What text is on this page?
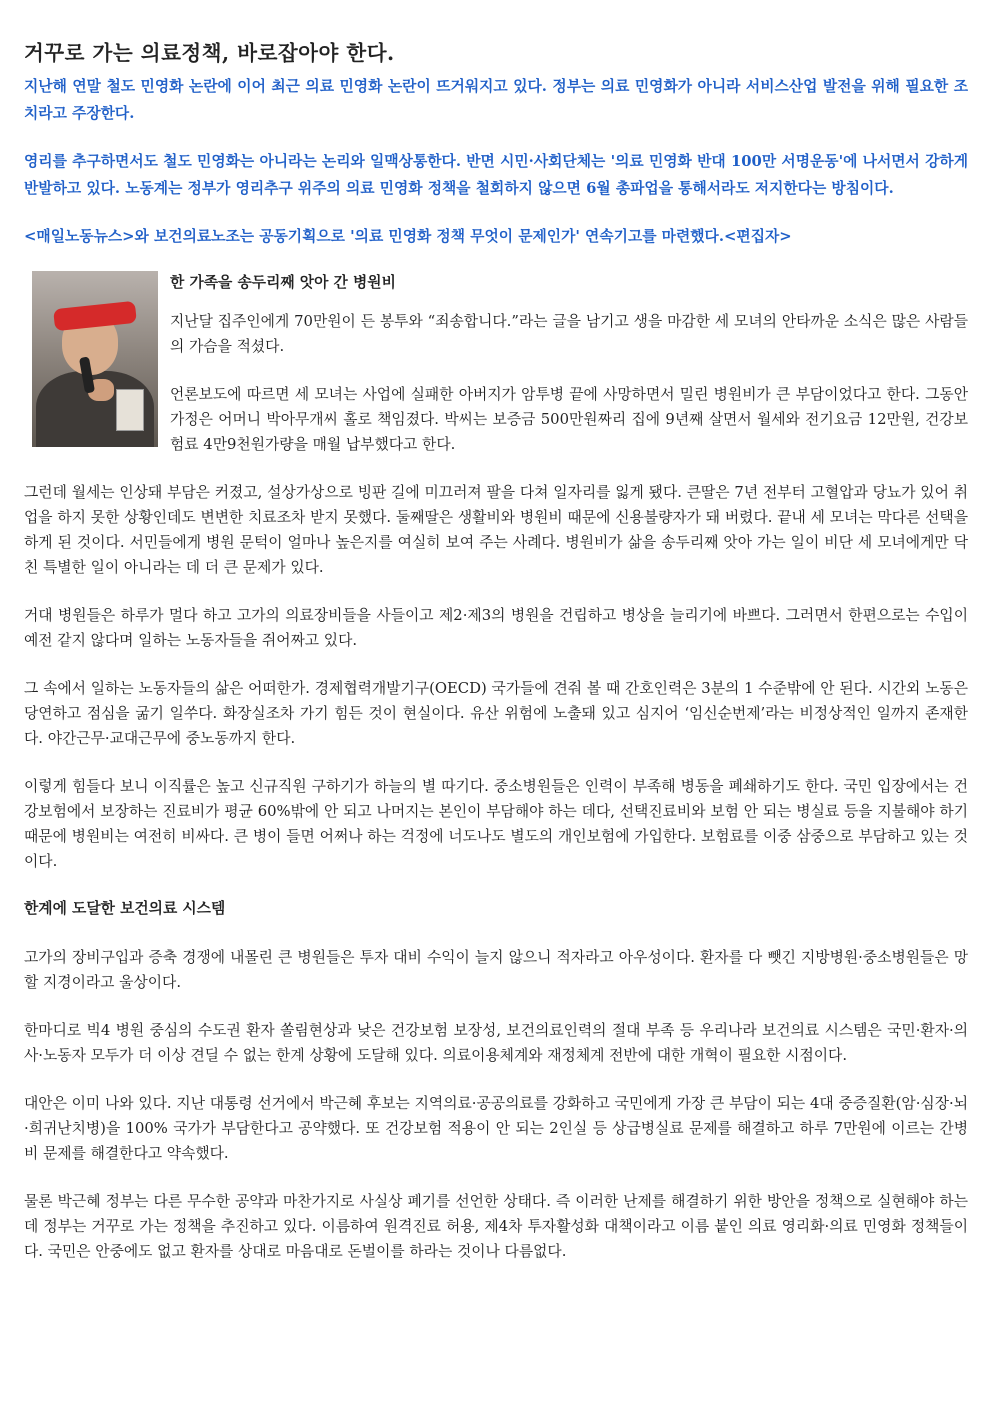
거꾸로 가는 의료정책, 바로잡아야 한다.

지난해 연말 철도 민영화 논란에 이어 최근 의료 민영화 논란이 뜨거워지고 있다. 정부는 의료 민영화가 아니라 서비스산업 발전을 위해 필요한 조치라고 주장한다.

영리를 추구하면서도 철도 민영화는 아니라는 논리와 일맥상통한다. 반면 시민·사회단체는 '의료 민영화 반대 100만 서명운동'에 나서면서 강하게 반발하고 있다. 노동계는 정부가 영리추구 위주의 의료 민영화 정책을 철회하지 않으면 6월 총파업을 통해서라도 저지한다는 방침이다.

<매일노동뉴스>와 보건의료노조는 공동기획으로 '의료 민영화 정책 무엇이 문제인가' 연속기고를 마련했다.<편집자>

한 가족을 송두리째 앗아 간 병원비

지난달 집주인에게 70만원이 든 봉투와 “죄송합니다.”라는 글을 남기고 생을 마감한 세 모녀의 안타까운 소식은 많은 사람들의 가슴을 적셨다.

언론보도에 따르면 세 모녀는 사업에 실패한 아버지가 암투병 끝에 사망하면서 밀린 병원비가 큰 부담이었다고 한다. 그동안 가정은 어머니 박아무개씨 홀로 책임졌다. 박씨는 보증금 500만원짜리 집에 9년째 살면서 월세와 전기요금 12만원, 건강보험료 4만9천원가량을 매월 납부했다고 한다.

그런데 월세는 인상돼 부담은 커졌고, 설상가상으로 빙판 길에 미끄러져 팔을 다쳐 일자리를 잃게 됐다. 큰딸은 7년 전부터 고혈압과 당뇨가 있어 취업을 하지 못한 상황인데도 변변한 치료조차 받지 못했다. 둘째딸은 생활비와 병원비 때문에 신용불량자가 돼 버렸다. 끝내 세 모녀는 막다른 선택을 하게 된 것이다. 서민들에게 병원 문턱이 얼마나 높은지를 여실히 보여 주는 사례다. 병원비가 삶을 송두리째 앗아 가는 일이 비단 세 모녀에게만 닥친 특별한 일이 아니라는 데 더 큰 문제가 있다.

거대 병원들은 하루가 멀다 하고 고가의 의료장비들을 사들이고 제2·제3의 병원을 건립하고 병상을 늘리기에 바쁘다. 그러면서 한편으로는 수입이 예전 같지 않다며 일하는 노동자들을 쥐어짜고 있다.

그 속에서 일하는 노동자들의 삶은 어떠한가. 경제협력개발기구(OECD) 국가들에 견줘 볼 때 간호인력은 3분의 1 수준밖에 안 된다. 시간외 노동은 당연하고 점심을 굶기 일쑤다. 화장실조차 가기 힘든 것이 현실이다. 유산 위험에 노출돼 있고 심지어 ‘임신순번제’라는 비정상적인 일까지 존재한다. 야간근무·교대근무에 중노동까지 한다.

이렇게 힘들다 보니 이직률은 높고 신규직원 구하기가 하늘의 별 따기다. 중소병원들은 인력이 부족해 병동을 폐쇄하기도 한다. 국민 입장에서는 건강보험에서 보장하는 진료비가 평균 60%밖에 안 되고 나머지는 본인이 부담해야 하는 데다, 선택진료비와 보험 안 되는 병실료 등을 지불해야 하기 때문에 병원비는 여전히 비싸다. 큰 병이 들면 어쩌나 하는 걱정에 너도나도 별도의 개인보험에 가입한다. 보험료를 이중 삼중으로 부담하고 있는 것이다.

한계에 도달한 보건의료 시스템

고가의 장비구입과 증축 경쟁에 내몰린 큰 병원들은 투자 대비 수익이 늘지 않으니 적자라고 아우성이다. 환자를 다 뺏긴 지방병원·중소병원들은 망할 지경이라고 울상이다.

한마디로 빅4 병원 중심의 수도권 환자 쏠림현상과 낮은 건강보험 보장성, 보건의료인력의 절대 부족 등 우리나라 보건의료 시스템은 국민·환자·의사·노동자 모두가 더 이상 견딜 수 없는 한계 상황에 도달해 있다. 의료이용체계와 재정체계 전반에 대한 개혁이 필요한 시점이다.

대안은 이미 나와 있다. 지난 대통령 선거에서 박근혜 후보는 지역의료·공공의료를 강화하고 국민에게 가장 큰 부담이 되는 4대 중증질환(암·심장·뇌·희귀난치병)을 100% 국가가 부담한다고 공약했다. 또 건강보험 적용이 안 되는 2인실 등 상급병실료 문제를 해결하고 하루 7만원에 이르는 간병비 문제를 해결한다고 약속했다.

물론 박근혜 정부는 다른 무수한 공약과 마찬가지로 사실상 폐기를 선언한 상태다. 즉 이러한 난제를 해결하기 위한 방안을 정책으로 실현해야 하는데 정부는 거꾸로 가는 정책을 추진하고 있다. 이름하여 원격진료 허용, 제4차 투자활성화 대책이라고 이름 붙인 의료 영리화·의료 민영화 정책들이다. 국민은 안중에도 없고 환자를 상대로 마음대로 돈벌이를 하라는 것이나 다름없다.
